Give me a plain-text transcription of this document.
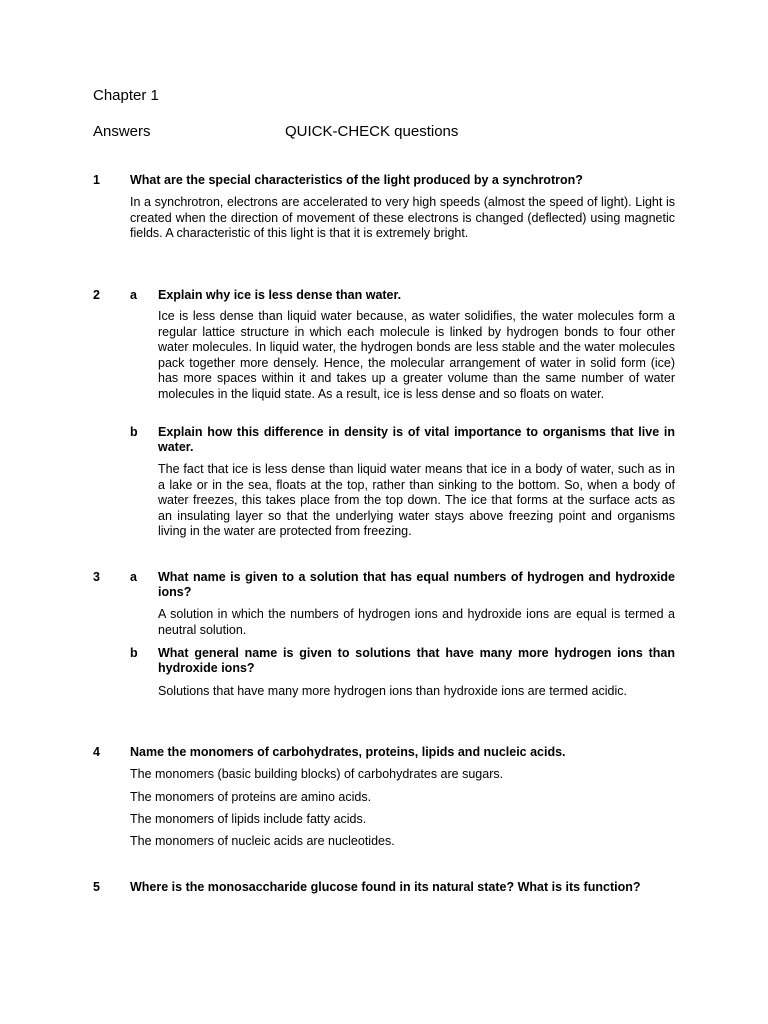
Chapter 1
Answers	QUICK-CHECK questions
1 What are the special characteristics of the light produced by a synchrotron?
In a synchrotron, electrons are accelerated to very high speeds (almost the speed of light). Light is created when the direction of movement of these electrons is changed (deflected) using magnetic fields. A characteristic of this light is that it is extremely bright.
2 a Explain why ice is less dense than water.
Ice is less dense than liquid water because, as water solidifies, the water molecules form a regular lattice structure in which each molecule is linked by hydrogen bonds to four other water molecules. In liquid water, the hydrogen bonds are less stable and the water molecules pack together more densely. Hence, the molecular arrangement of water in solid form (ice) has more spaces within it and takes up a greater volume than the same number of water molecules in the liquid state. As a result, ice is less dense and so floats on water.
b Explain how this difference in density is of vital importance to organisms that live in water.
The fact that ice is less dense than liquid water means that ice in a body of water, such as in a lake or in the sea, floats at the top, rather than sinking to the bottom. So, when a body of water freezes, this takes place from the top down. The ice that forms at the surface acts as an insulating layer so that the underlying water stays above freezing point and organisms living in the water are protected from freezing.
3 a What name is given to a solution that has equal numbers of hydrogen and hydroxide ions?
A solution in which the numbers of hydrogen ions and hydroxide ions are equal is termed a neutral solution.
b What general name is given to solutions that have many more hydrogen ions than hydroxide ions?
Solutions that have many more hydrogen ions than hydroxide ions are termed acidic.
4 Name the monomers of carbohydrates, proteins, lipids and nucleic acids.
The monomers (basic building blocks) of carbohydrates are sugars.
The monomers of proteins are amino acids.
The monomers of lipids include fatty acids.
The monomers of nucleic acids are nucleotides.
5 Where is the monosaccharide glucose found in its natural state? What is its function?
